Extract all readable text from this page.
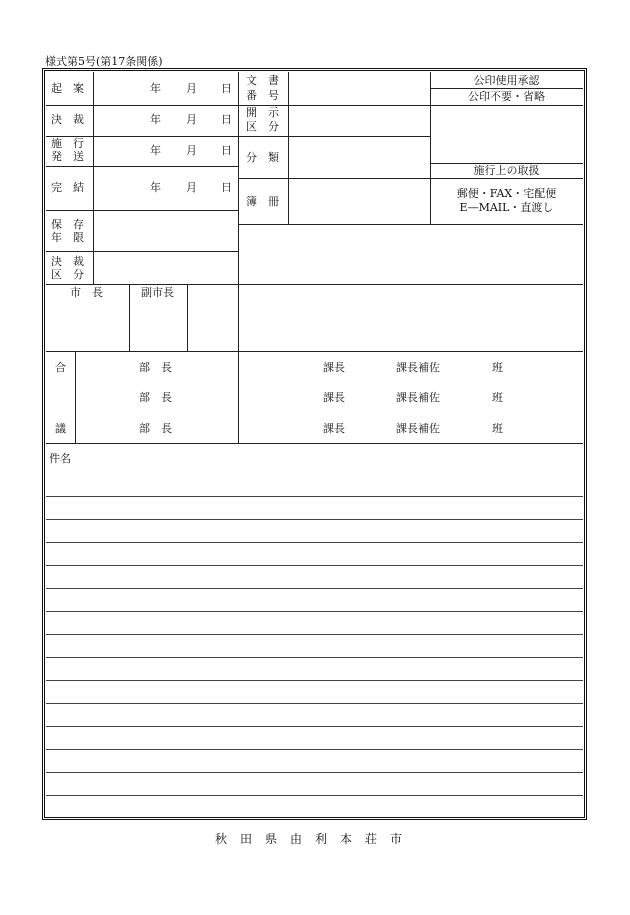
様式第5号(第17条関係)
起　案
決　裁
施　行
発　送
完　結
保　存
年　限
決　裁
区　分
年 月 日
年 月 日
年 月 日
年 月 日
文　書
番　号
開　示
区　分
分　類
簿　冊
公印使用承認
公印不要・省略
施行上の取扱
郵便・FAX・宅配便
E—MAIL・直渡し
市　長	副市長
合
議
部　長
部　長
部　長
課長
課長
課長
課長補佐
課長補佐
課長補佐
班
班
班
件名
秋田県由利本荘市
